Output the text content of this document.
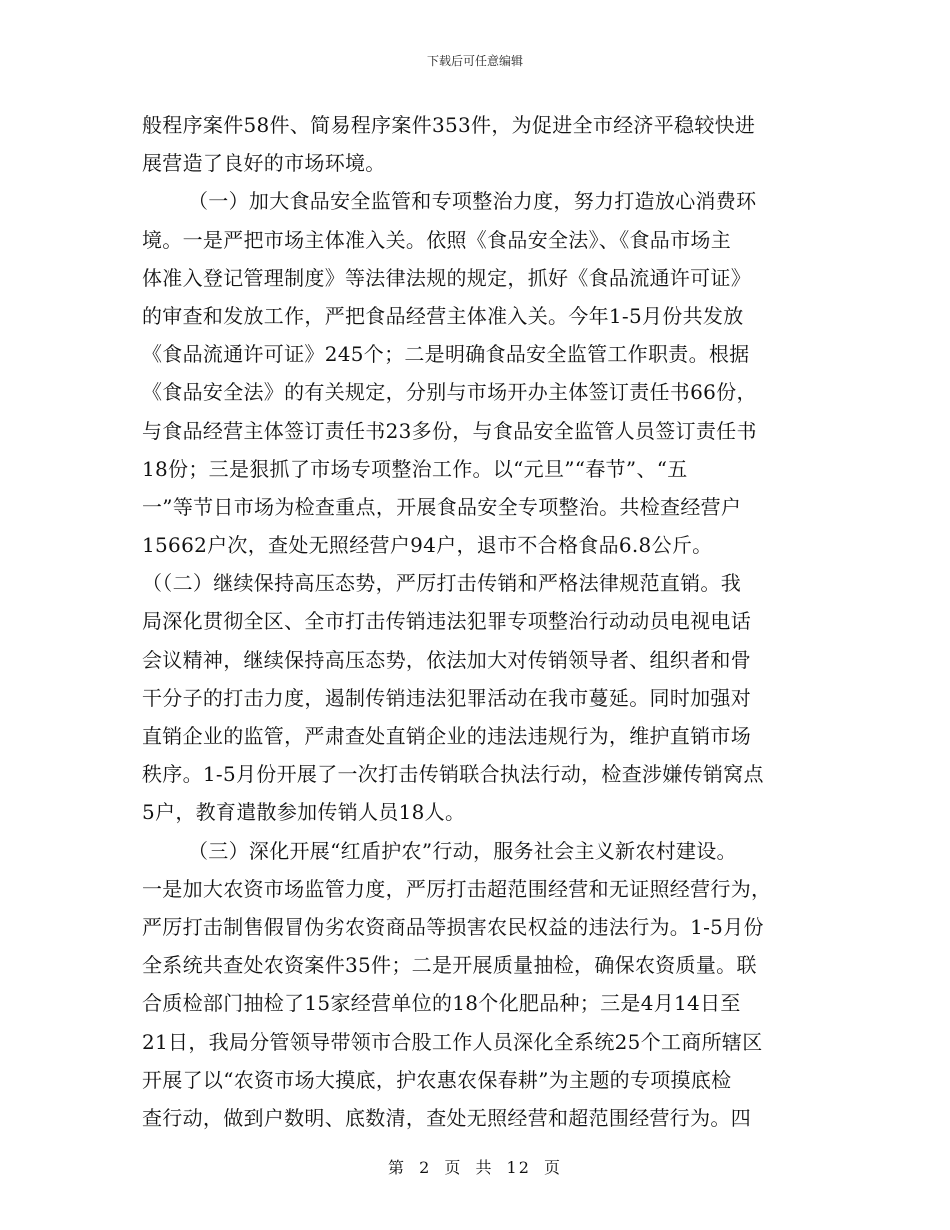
下载后可任意编辑
般程序案件58件、简易程序案件353件，为促进全市经济平稳较快进
展营造了良好的市场环境。
（一）加大食品安全监管和专项整治力度，努力打造放心消费环
境。一是严把市场主体准入关。依照《食品安全法》、《食品市场主
体准入登记管理制度》等法律法规的规定，抓好《食品流通许可证》
的审查和发放工作，严把食品经营主体准入关。今年1-5月份共发放
《食品流通许可证》245个；二是明确食品安全监管工作职责。根据
《食品安全法》的有关规定，分别与市场开办主体签订责任书66份，
与食品经营主体签订责任书23多份，与食品安全监管人员签订责任书
18份；三是狠抓了市场专项整治工作。以“元旦”“春节”、“五
一”等节日市场为检查重点，开展食品安全专项整治。共检查经营户
15662户次，查处无照经营户94户，退市不合格食品6.8公斤。
（（二）继续保持高压态势，严厉打击传销和严格法律规范直销。我
局深化贯彻全区、全市打击传销违法犯罪专项整治行动动员电视电话
会议精神，继续保持高压态势，依法加大对传销领导者、组织者和骨
干分子的打击力度，遏制传销违法犯罪活动在我市蔓延。同时加强对
直销企业的监管，严肃查处直销企业的违法违规行为，维护直销市场
秩序。1-5月份开展了一次打击传销联合执法行动，检查涉嫌传销窝点
5户，教育遣散参加传销人员18人。
（三）深化开展“红盾护农”行动，服务社会主义新农村建设。
一是加大农资市场监管力度，严厉打击超范围经营和无证照经营行为，
严厉打击制售假冒伪劣农资商品等损害农民权益的违法行为。1-5月份
全系统共查处农资案件35件；二是开展质量抽检，确保农资质量。联
合质检部门抽检了15家经营单位的18个化肥品种；三是4月14日至
21日，我局分管领导带领市合股工作人员深化全系统25个工商所辖区
开展了以“农资市场大摸底，护农惠农保春耕”为主题的专项摸底检
查行动，做到户数明、底数清，查处无照经营和超范围经营行为。四
第 2 页 共 12 页
